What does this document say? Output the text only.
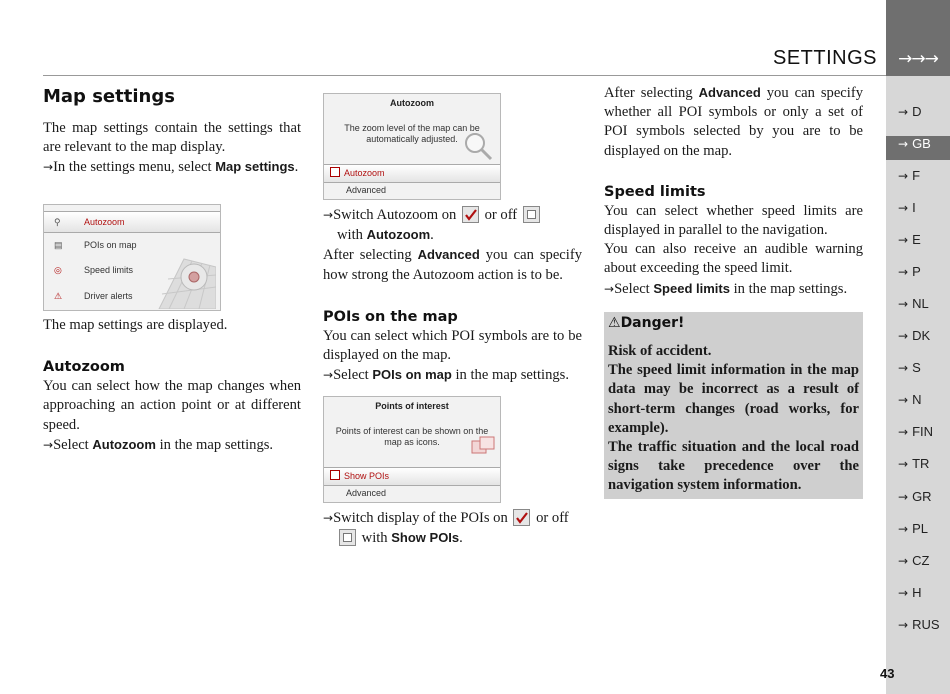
→→→
SETTINGS
→ D
→ GB
→ F
→ I
→ E
→ P
→ NL
→ DK
→ S
→ N
→ FIN
→ TR
→ GR
→ PL
→ CZ
→ H
→ RUS
43
Map settings

The map settings contain the settings that are relevant to the map display.

→In the settings menu, select Map settings.

⚲	Autozoom
▤ POIs on map
◎ Speed limits
⚠ Driver alerts

The map settings are displayed.

Autozoom

You can select how the map changes when approaching an action point or at different speed.

→Select Autozoom in the map settings.

Autozoom
The zoom level of the map can be automatically adjusted.
Autozoom
Advanced

→Switch Autozoom on or off

with Autozoom.

After selecting Advanced you can specify how strong the Autozoom action is to be.

POIs on the map

You can select which POI symbols are to be displayed on the map.

→Select POIs on map in the map settings.

Points of interest
Points of interest can be shown on the map as icons.
Show POIs
Advanced

→Switch display of the POIs on or off

with Show POIs.

After selecting Advanced you can specify whether all POI symbols or only a set of POI symbols selected by you are to be displayed on the map.

Speed limits

You can select whether speed limits are displayed in parallel to the navigation.

You can also receive an audible warning about exceeding the speed limit.

→Select Speed limits in the map settings.

⚠Danger!
Risk of accident.
The speed limit information in the map data may be incorrect as a result of short-term changes (road works, for example).
The traffic situation and the local road signs take precedence over the navigation system information.
